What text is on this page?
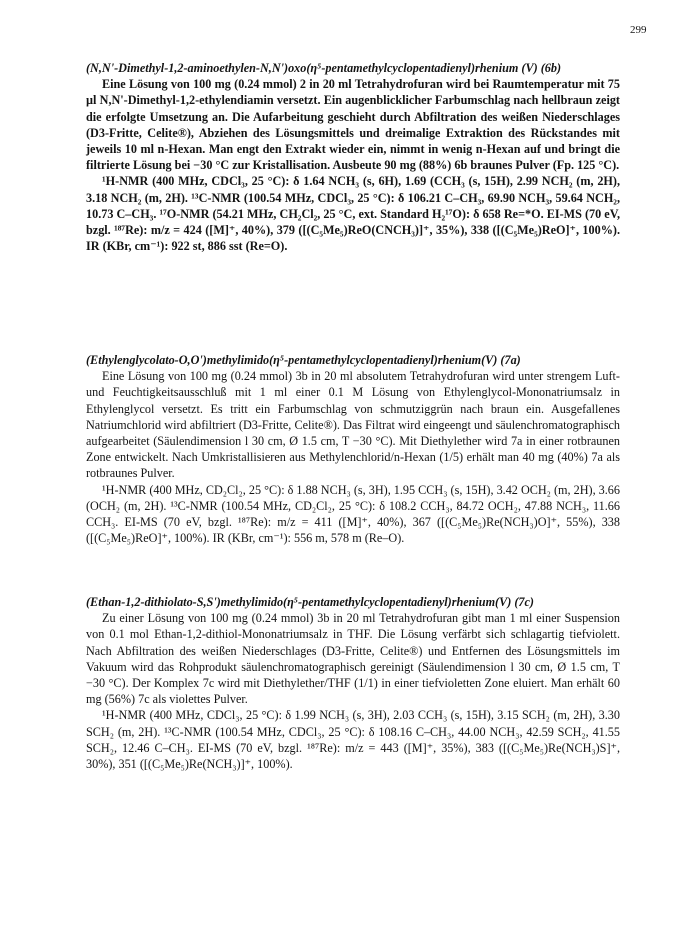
299

(N,N'-Dimethyl-1,2-aminoethylen-N,N')oxo(η⁵-pentamethylcyclopentadienyl)rhenium (V) (6b)

Eine Lösung von 100 mg (0.24 mmol) 2 in 20 ml Tetrahydrofuran wird bei Raumtemperatur mit 75 µl N,N'-Dimethyl-1,2-ethylendiamin versetzt. Ein augenblicklicher Farbumschlag nach hellbraun zeigt die erfolgte Umsetzung an. Die Aufarbeitung geschieht durch Abfiltration des weißen Niederschlages (D3-Fritte, Celite®), Abziehen des Lösungsmittels und dreimalige Extraktion des Rückstandes mit jeweils 10 ml n-Hexan. Man engt den Extrakt wieder ein, nimmt in wenig n-Hexan auf und bringt die filtrierte Lösung bei −30 °C zur Kristallisation. Ausbeute 90 mg (88%) 6b braunes Pulver (Fp. 125 °C).

¹H-NMR (400 MHz, CDCl₃, 25 °C): δ 1.64 NCH₃ (s, 6H), 1.69 (CCH₃ (s, 15H), 2.99 NCH₂ (m, 2H), 3.18 NCH₂ (m, 2H). ¹³C-NMR (100.54 MHz, CDCl₃, 25 °C): δ 106.21 C–CH₃, 69.90 NCH₃, 59.64 NCH₂, 10.73 C–CH₃. ¹⁷O-NMR (54.21 MHz, CH₂Cl₂, 25 °C, ext. Standard H₂¹⁷O): δ 658 Re=*O. EI-MS (70 eV, bzgl. ¹⁸⁷Re): m/z = 424 ([M]⁺, 40%), 379 ([(C₅Me₅)ReO(CNCH₃)]⁺, 35%), 338 ([(C₅Me₅)ReO]⁺, 100%). IR (KBr, cm⁻¹): 922 st, 886 sst (Re=O).

(Ethylenglycolato-O,O')methylimido(η⁵-pentamethylcyclopentadienyl)rhenium(V) (7a)

Eine Lösung von 100 mg (0.24 mmol) 3b in 20 ml absolutem Tetrahydrofuran wird unter strengem Luft- und Feuchtigkeitsausschluß mit 1 ml einer 0.1 M Lösung von Ethylenglycol-Mononatriumsalz in Ethylenglycol versetzt. Es tritt ein Farbumschlag von schmutziggrün nach braun ein. Ausgefallenes Natriumchlorid wird abfiltriert (D3-Fritte, Celite®). Das Filtrat wird eingeengt und säulenchromatographisch aufgearbeitet (Säulendimension l 30 cm, Ø 1.5 cm, T −30 °C). Mit Diethylether wird 7a in einer rotbraunen Zone entwickelt. Nach Umkristallisieren aus Methylenchlorid/n-Hexan (1/5) erhält man 40 mg (40%) 7a als rotbraunes Pulver.

¹H-NMR (400 MHz, CD₂Cl₂, 25 °C): δ 1.88 NCH₃ (s, 3H), 1.95 CCH₃ (s, 15H), 3.42 OCH₂ (m, 2H), 3.66 (OCH₂ (m, 2H). ¹³C-NMR (100.54 MHz, CD₂Cl₂, 25 °C): δ 108.2 CCH₃, 84.72 OCH₂, 47.88 NCH₃, 11.66 CCH₃. EI-MS (70 eV, bzgl. ¹⁸⁷Re): m/z = 411 ([M]⁺, 40%), 367 ([(C₅Me₅)Re(NCH₃)O]⁺, 55%), 338 ([(C₅Me₅)ReO]⁺, 100%). IR (KBr, cm⁻¹): 556 m, 578 m (Re–O).

(Ethan-1,2-dithiolato-S,S')methylimido(η⁵-pentamethylcyclopentadienyl)rhenium(V) (7c)

Zu einer Lösung von 100 mg (0.24 mmol) 3b in 20 ml Tetrahydrofuran gibt man 1 ml einer Suspension von 0.1 mol Ethan-1,2-dithiol-Mononatriumsalz in THF. Die Lösung verfärbt sich schlagartig tiefviolett. Nach Abfiltration des weißen Niederschlages (D3-Fritte, Celite®) und Entfernen des Lösungsmittels im Vakuum wird das Rohprodukt säulenchromatographisch gereinigt (Säulendimension l 30 cm, Ø 1.5 cm, T −30 °C). Der Komplex 7c wird mit Diethylether/THF (1/1) in einer tiefvioletten Zone eluiert. Man erhält 60 mg (56%) 7c als violettes Pulver.

¹H-NMR (400 MHz, CDCl₃, 25 °C): δ 1.99 NCH₃ (s, 3H), 2.03 CCH₃ (s, 15H), 3.15 SCH₂ (m, 2H), 3.30 SCH₂ (m, 2H). ¹³C-NMR (100.54 MHz, CDCl₃, 25 °C): δ 108.16 C–CH₃, 44.00 NCH₃, 42.59 SCH₂, 41.55 SCH₂, 12.46 C–CH₃. EI-MS (70 eV, bzgl. ¹⁸⁷Re): m/z = 443 ([M]⁺, 35%), 383 ([(C₅Me₅)Re(NCH₃)S]⁺, 30%), 351 ([(C₅Me₅)Re(NCH₃)]⁺, 100%).
